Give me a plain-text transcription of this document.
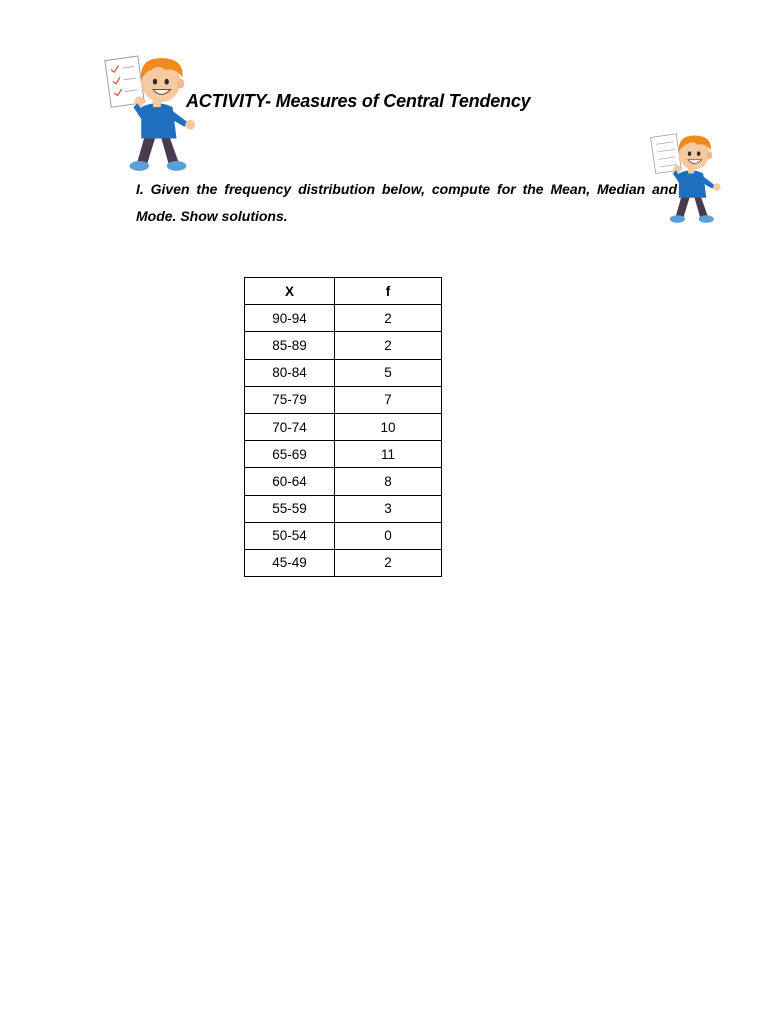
ACTIVITY- Measures of Central Tendency
I. Given the frequency distribution below, compute for the Mean, Median and Mode. Show solutions.
X	f
90-94	2
85-89	2
80-84	5
75-79	7
70-74	10
65-69	11
60-64	8
55-59	3
50-54	0
45-49	2
